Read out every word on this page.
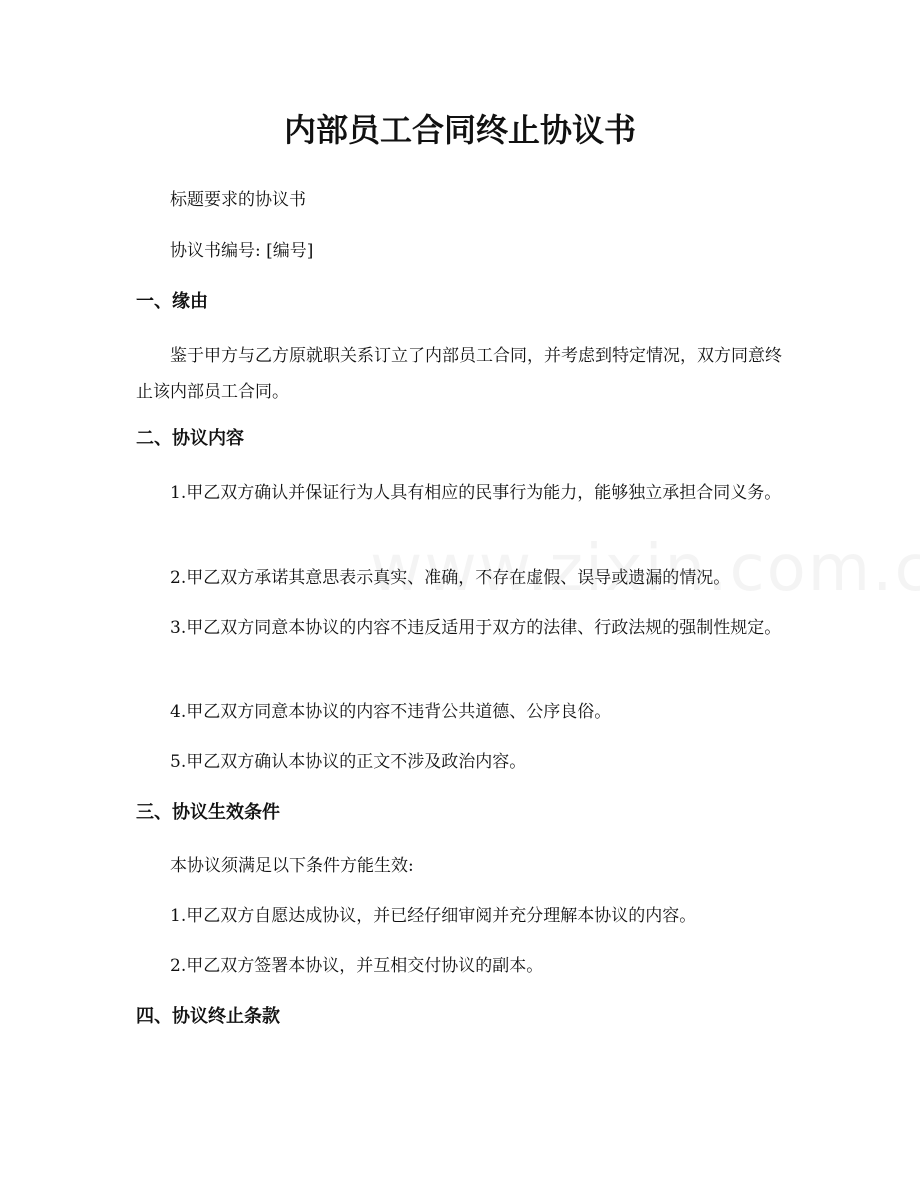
内部员工合同终止协议书

标题要求的协议书

协议书编号: [编号]

一、缘由

鉴于甲方与乙方原就职关系订立了内部员工合同，并考虑到特定情况，双方同意终止该内部员工合同。

二、协议内容

1.甲乙双方确认并保证行为人具有相应的民事行为能力，能够独立承担合同义务。

2.甲乙双方承诺其意思表示真实、准确，不存在虚假、误导或遗漏的情况。

3.甲乙双方同意本协议的内容不违反适用于双方的法律、行政法规的强制性规定。

4.甲乙双方同意本协议的内容不违背公共道德、公序良俗。

5.甲乙双方确认本协议的正文不涉及政治内容。

三、协议生效条件

本协议须满足以下条件方能生效:

1.甲乙双方自愿达成协议，并已经仔细审阅并充分理解本协议的内容。

2.甲乙双方签署本协议，并互相交付协议的副本。

四、协议终止条款
